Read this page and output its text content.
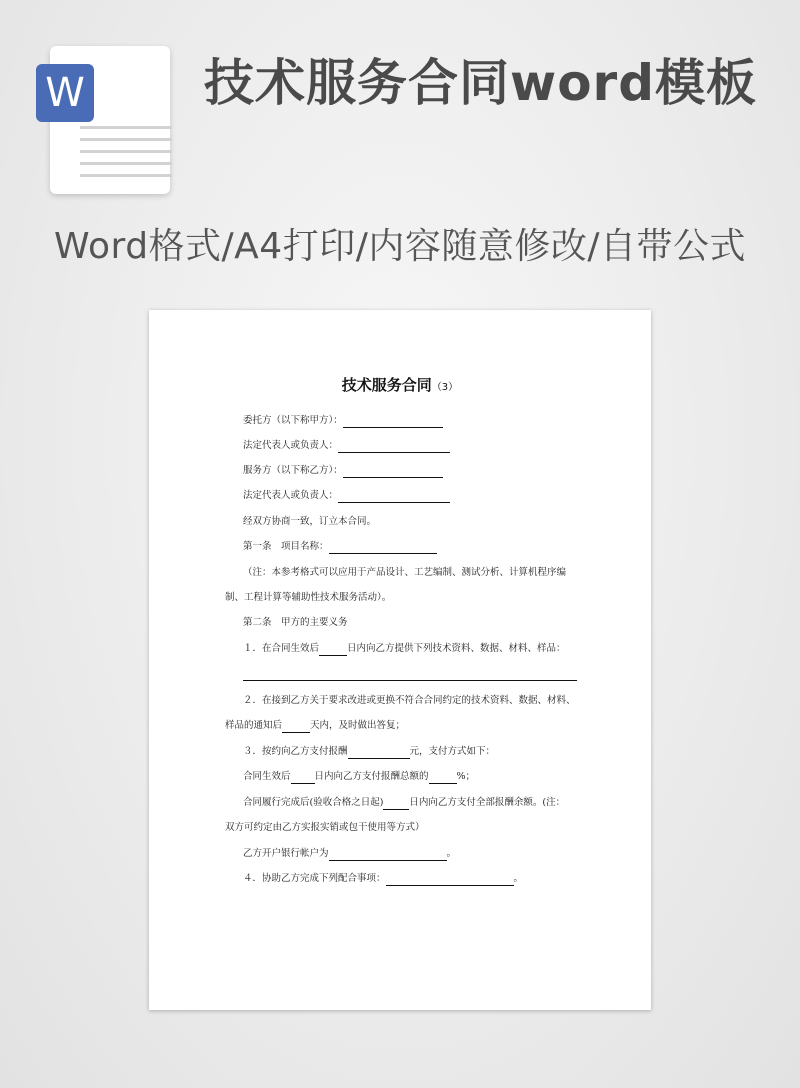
W 技术服务合同word模板
Word格式/A4打印/内容随意修改/自带公式
技术服务合同（3）
委托方（以下称甲方）：
法定代表人或负责人：
服务方（以下称乙方）：
法定代表人或负责人：
经双方协商一致，订立本合同。
第一条　项目名称：
（注：本参考格式可以应用于产品设计、工艺编制、测试分析、计算机程序编
制、工程计算等辅助性技术服务活动）。
第二条　甲方的主要义务
１．在合同生效后	日内向乙方提供下列技术资料、数据、材料、样品：
２．在接到乙方关于要求改进或更换不符合合同约定的技术资料、数据、材料、
样品的通知后	天内，及时做出答复；
３．按约向乙方支付报酬	元，支付方式如下：
合同生效后	日内向乙方支付报酬总额的	%；
合同履行完成后(验收合格之日起)	日内向乙方支付全部报酬余额。(注：
双方可约定由乙方实报实销或包干使用等方式）
乙方开户银行帐户为	。
４．协助乙方完成下列配合事项：	。
